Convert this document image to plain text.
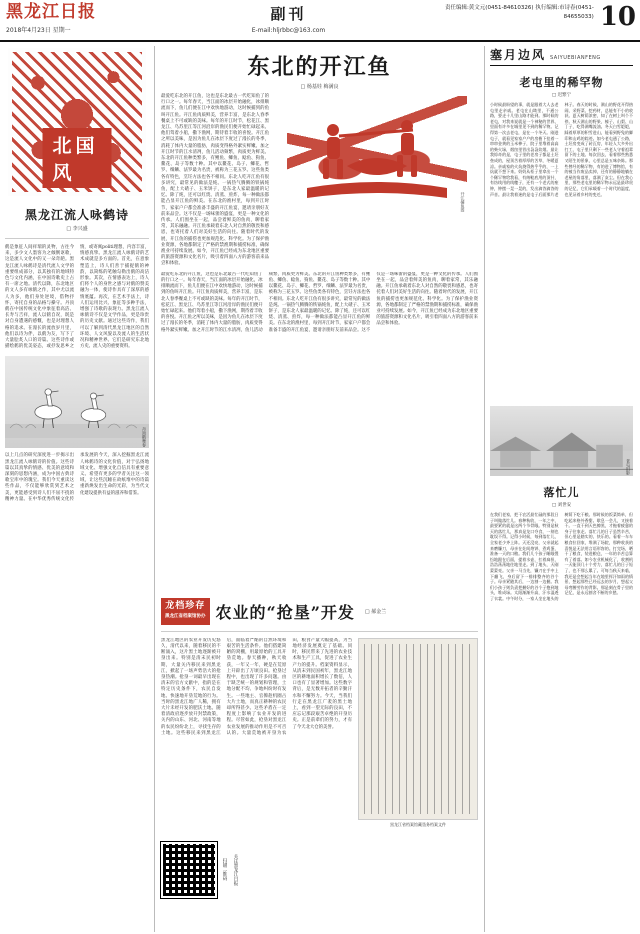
黑龙江日报
2018年4月23日 星期一
副刊
E-mail:hljrbbc@163.com
责任编辑:黄文元(0451-84610326) 执行编辑:市诗春(0451-84655033) 10
北国风
黑龙江流人咏鹤诗
□ 李兴盛
鹤是象征人间祥瑞的灵物，古往今来，多少文人墨客为之倾倒讴歌，这是流人文化中的又一朵奇葩。黑龙江流人咏鹤诗是清代流人文学的重要组成部分，以其独有的地域特色与文化内涵，在中国诗歌史上占有一席之地。清代以降，东北地区的文人多有咏鹤之作，其中尤以流人为多，他们身处逆境，借物抒怀，寄托自身的品格与操守。丹顶鹤在中国传统文化中象征着高洁、长寿与吉祥，流人以鹤自况，既是对自身遭遇的感慨，也是对理想人格的追求。在漫长的流放岁月里，他们以诗为伴，以鹤为友，写下了大量脍炙人口的诗篇。这些诗作或描绘鹤的优美姿态，或抒发思乡之情，或寄寓politi理想，内容丰富，情感真挚。黑龙江流人咏鹤诗的艺术成就是多方面的。首先，在意象塑造上，诗人们善于捕捉鹤的神韵，以简练的笔触勾勒出鹤的高洁形象。其次，在情感表达上，诗人们将个人的身世之感与对鹤的赞美融为一体，使诗作具有了深厚的感情底蕴。再次，在艺术手法上，诗人们运用比兴、象征等多种手法，增强了诗歌的表现力。黑龙江流人咏鹤诗不仅是文学作品，更是珍贵的历史文献。通过这些诗作，我们可以了解到清代黑龙江地区的自然环境、人文风貌以及流人的生活状况和精神世界。它们是研究东北地方史、流人史的重要资料。
丹顶鹤舞春
以上几点的研究深度进一步揭示出黑龙江流人咏鹤诗的价值。这些诗篇以其真挚的情感、优美的意境和深刻的思想内涵，成为中国古典诗歌宝库中的瑰宝。我们今天重读这些作品，不仅能够欣赏到艺术之美，更能感受到诗人们不屈不挠的精神力量。在中华优秀传统文化传承发展的今天，深入挖掘黑龙江流人咏鹤诗的文化价值，对于弘扬地域文化、增强文化自信具有重要意义。希望有更多的学者关注这一领域，让这些沉睡在故纸堆中的诗篇重新焕发出生命的光彩，为当代文化建设提供有益的滋养和借鉴。
东北的开江鱼
□ 杨基娃 梅满良
最爱吃东北的开江鱼，这也是东北最古一代吃知鱼了的行口之一。每年春天，当江面的冰层开始融化，冰排顺流而下，鱼儿们便在江中欢快地游动，这时候捕到的鱼叫开江鱼。开江鱼肉质鲜美，营养丰富，是东北人春季餐桌上不可或缺的美味。每年的开江时节，松花江、黑龙江、乌苏里江等江河沿岸的渔民们便开始忙碌起来。他们驾着小船，撒下渔网，期待着丰收的喜悦。开江鱼之所以美味，是因为鱼儿在冰层下度过了漫长的冬季，消耗了体内大量的脂肪，肉质变得格外紧实鲜嫩。加之开江时节的江水清冽，鱼儿活动频繁，肉质更为鲜美。东北的开江鱼种类繁多，有鲤鱼、鲫鱼、鲶鱼、狗鱼、鳌花、岛子等数十种。其中以鳌花、岛子、鲫花、哲罗、细鳞、法罗最为名贵，被称为三花五罗。这些鱼类各有特色，烹饪方法也各不相同。东北人吃开江鱼有很多讲究，最常见的做法是炖。一锅热气腾腾的铁锅炖鱼，配上大碴子、玉米饼子，是东北人家最温暖的记忆。除了炖，还可以红烧、清蒸、煎炸，每一种做法都能凸显开江鱼的鲜美。在东北的渔村里，每到开江时节，家家户户都会准备丰盛的开江鱼宴，邀请亲朋好友前来品尝。这不仅是一场味蕾的盛宴，更是一种文化的传承。人们围坐在一起，品尝着鲜美的鱼肉，聊着家常，其乐融融。开江鱼承载着东北人对自然的敬畏和感恩，也寄托着人们对美好生活的向往。随着时代的发展，开江鱼的捕捞也更加规范化、科学化。为了保护渔业资源，各地都制定了严格的禁渔期和捕捞标准，确保渔业可持续发展。如今，开江鱼已经成为东北地区重要的旅游资源和文化名片，吸引着四面八方的游客前来品尝和体验。
开江捕鱼图
最爱吃东北的开江鱼，这也是东北最古一代吃知鱼了的行口之一。每年春天，当江面的冰层开始融化，冰排顺流而下，鱼儿们便在江中欢快地游动，这时候捕到的鱼叫开江鱼。开江鱼肉质鲜美，营养丰富，是东北人春季餐桌上不可或缺的美味。每年的开江时节，松花江、黑龙江、乌苏里江等江河沿岸的渔民们便开始忙碌起来。他们驾着小船，撒下渔网，期待着丰收的喜悦。开江鱼之所以美味，是因为鱼儿在冰层下度过了漫长的冬季，消耗了体内大量的脂肪，肉质变得格外紧实鲜嫩。加之开江时节的江水清冽，鱼儿活动频繁，肉质更为鲜美。东北的开江鱼种类繁多，有鲤鱼、鲫鱼、鲶鱼、狗鱼、鳌花、岛子等数十种。其中以鳌花、岛子、鲫花、哲罗、细鳞、法罗最为名贵，被称为三花五罗。这些鱼类各有特色，烹饪方法也各不相同。东北人吃开江鱼有很多讲究，最常见的做法是炖。一锅热气腾腾的铁锅炖鱼，配上大碴子、玉米饼子，是东北人家最温暖的记忆。除了炖，还可以红烧、清蒸、煎炸，每一种做法都能凸显开江鱼的鲜美。在东北的渔村里，每到开江时节，家家户户都会准备丰盛的开江鱼宴，邀请亲朋好友前来品尝。这不仅是一场味蕾的盛宴，更是一种文化的传承。人们围坐在一起，品尝着鲜美的鱼肉，聊着家常，其乐融融。开江鱼承载着东北人对自然的敬畏和感恩，也寄托着人们对美好生活的向往。随着时代的发展，开江鱼的捕捞也更加规范化、科学化。为了保护渔业资源，各地都制定了严格的禁渔期和捕捞标准，确保渔业可持续发展。如今，开江鱼已经成为东北地区重要的旅游资源和文化名片，吸引着四面八方的游客前来品尝和体验。
龙档珍存
黑龙江省档案馆协办 农业的“抢垦”开发 □ 郝金兰
黑龙江地区的农业开发历史悠久，清代以来，随着移民的不断涌入，这片黑土地逐渐被开垦出来。特别是清末民初时期，大量关内移民来到黑龙江，掀起了一场声势浩大的抢垦热潮。抢垦一词最早出现在清末的官方文献中，指的是在特定历史条件下，农民自发地、快速地开垦荒地的行为。当时的黑龙江地广人稀，拥有大片未经开发的肥沃土地。随着清政府逐步放开封禁政策，关内的山东、河北、河南等地的农民纷纷北上，寻找生存的土地。这些移民来到黑龙江后，面临着严酷的自然环境和艰苦的生活条件。他们搭建简陋的窝棚，用最原始的工具开垦荒地。春天播种，秋天收获，一年又一年，硬是在荒原上开辟出了万顷良田。抢垦过程中，也出现了许多问题。由于缺乏统一的规划和管理，土地分配不均、争地纠纷时有发生。一些地主、官僚趁机圈占大片土地，而真正耕种的农民却所得甚少。这些矛盾在一定程度上影响了农业开发的进程。尽管如此，抢垦对黑龙江农业发展的推动作用是不可否认的。大量荒地被开垦为农田，粮食产量大幅提高，为当地经济发展奠定了基础。同时，移民带来了先进的农业技术和生产工具，促进了农业生产力的提升。档案资料显示，从清末到民国初年，黑龙江地区的耕地面积增长了数倍，人口也有了显著增加。这些数字背后，是无数开拓者的辛勤汗水和不懈努力。今天，当我们行走在黑龙江广袤的黑土地上，看到一望无际的良田，不应忘记那段艰苦卓绝的开垦历史。正是前辈们的努力，才有了今天北大仓的美誉。
黑龙江省档案馆藏垦务档案文件
扫描二维码 关注黑龙江日报
塞月边风 SAIYUEBIANFENG
老屯里的稀罕物
□ 迟繁宁
小时候最盼望的事，就是跟着大人去老屯里走亲戚。老屯在山坳里，不通公路，要走十几里山路才能到。那时候的老屯，对我来说就是一个神秘的世界，里面有许多在城里见不到的稀罕物。记得第一次去老屯，是在一个冬天。刚进屯子，就看见家家户户的房檐下挂着一串串金黄的玉米棒子，院子里堆着高高的柴火垛，烟囱里冒出袅袅炊烟。最让我惊奇的是，屯子里的老房子都是土坯垒成的，屋顶苫着厚厚的苫草，冬暖夏凉。亲戚家的火炕烧得热乎乎的，一上炕就不想下来。奶奶从柜子里拿出一个个稀罕物给我看，有纳鞋底用的顶针，有纺线用的线穗子，还有一个老式的座钟，钟摆一晃一晃的，发出滴答滴答的声音。最让我着迷的是屯子后面那片老林子。春天的时候，满山的野花开得热闹，采野菜、挖药材，总能有不小的收获。夏天树荫浓密，知了在树上叫个不停。秋天满山的野果，榛子、山梨、山丁子，吃得满嘴流油。冬天白雪皑皑，踩着厚厚的积雪进山，能看到野兔的脚印和山鸡的踪迹。如今老屯通了公路，土坯房变成了砖瓦房，年轻人大多外出打工，屯子里只剩下一些老人守着祖辈留下的土地。每次回去，看着那些熟悉又陌生的景象，心里总是五味杂陈。那些曾经的稀罕物，有的进了博物馆，有的被当作废品卖掉，还有的静静地躺在老屋的角落里，落满了灰尘。但在我心里，那些老屯里的稀罕物永远是最珍贵的记忆，它们承载着一个时代的温度，也见证着乡村的变迁。
老屯旧影
落忙儿
□ 刘世安
在我们老家，把干农活最忙碌的那段日子叫做落忙儿。春种秋收，一年之中，最要紧的就是这两个节骨眼。特别是秋天的落忙儿，那真是龙口夺食，一刻也耽误不得。记得小时候，每到落忙儿，全家老少齐上阵。天还没亮，父亲就起来磨镰刀，母亲在灶间烙饼、煮鸡蛋，准备一天的口粮。我们几个孩子睡眼惺忪地跟在后面，提着水壶，扛着扁担，浩浩荡荡地往地里走。到了地头，天刚蒙蒙亮。父亲一马当先，镰刀在手中上下翻飞，身后留下一排排整齐的谷个子。母亲紧随其后，一边割一边捆。我们小孩子则负责把捆好的谷个子抱到地头，堆成垛。太阳渐渐升高，汗水湿透了衣裳。中午时分，一家人坐在地头的树荫下吃干粮。那时候的饭菜简单，但吃起来格外香甜。歇息一会儿，又接着干。一直干到天色擦黑，才拖着疲惫的身子往家走。落忙儿的日子虽然辛苦，但心里是踏实的、快乐的。看着一车车粮食拉回家，堆满了场院，那种收获的喜悦是无法用言语形容的。打完场，晒干了粮食，装进粮仓，一年的辛苦总算有了着落。如今农业机械化了，收割机一天能顶几十个劳力，落忙儿的日子短了，也不那么累了。可每当秋天来临，我还是会想起当年在地里挥汗如雨的情景，想起那些已经远去的岁月，想起父母弯腰劳作的背影。那是刻在骨子里的记忆，是永远割舍不断的乡愁。
